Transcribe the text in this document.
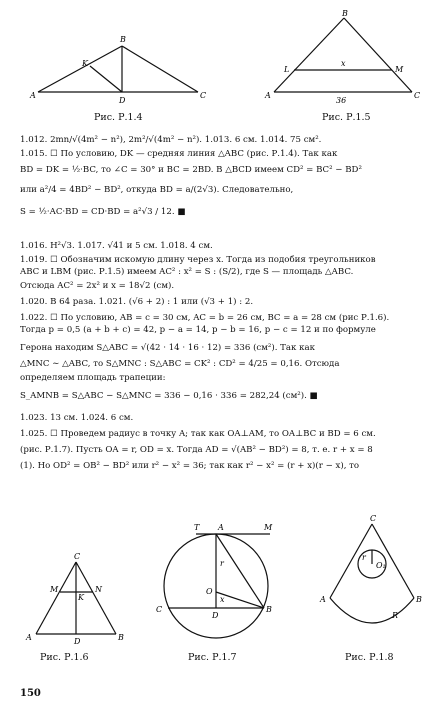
A
B
C
D
K
Рис. Р.1.4
A
B
C
L	M
x
36
Рис. Р.1.5
1.012. 2mn/√(4m² − n²), 2m²/√(4m² − n²). 1.013. 6 см. 1.014. 75 см².
1.015. ☐ По условию, DK — средняя линия △ABC (рис. Р.1.4). Так как
BD = DK = ½·BC, то ∠C = 30° и BC = 2BD. В △BCD имеем CD² = BC² − BD²
или a²/4 = 4BD² − BD², откуда BD = a/(2√3). Следовательно,
S = ½·AC·BD = CD·BD = a²√3 / 12. ■
1.016. H²√3. 1.017. √41 и 5 см. 1.018. 4 см.
1.019. ☐ Обозначим искомую длину через x. Тогда из подобия треугольников
ABC и LBM (рис. Р.1.5) имеем AC² : x² = S : (S/2), где S — площадь △ABC.
Отсюда AC² = 2x² и x = 18√2 (см).
1.020. В 64 раза. 1.021. (√6 + 2) : 1 или (√3 + 1) : 2.
1.022. ☐ По условию, AB = c = 30 см, AC = b = 26 см, BC = a = 28 см (рис Р.1.6).
Тогда p = 0,5 (a + b + c) = 42, p − a = 14, p − b = 16, p − c = 12 и по формуле
Герона находим S△ABC = √(42 · 14 · 16 · 12) = 336 (см²). Так как
△MNC ∼ △ABC, то S△MNC : S△ABC = CK² : CD² = 4/25 = 0,16. Отсюда
определяем площадь трапеции:
S_AMNB = S△ABC − S△MNC = 336 − 0,16 · 336 = 282,24 (см²). ■
1.023. 13 см. 1.024. 6 см.
1.025. ☐ Проведем радиус в точку A; так как OA⊥AM, то OA⊥BC и BD = 6 см.
(рис. Р.1.7). Пусть OA = r, OD = x. Тогда AD = √(AB² − BD²) = 8, т. е. r + x = 8
(1). Но OD² = OB² − BD² или r² − x² = 36; так как r² − x² = (r + x)(r − x), то
A	B
C
D
M	N
K
Рис. Р.1.6
A
T	M
B
C
D
O
r
x
Рис. Р.1.7
A	B
C
O₁
r
R
Рис. Р.1.8
150
